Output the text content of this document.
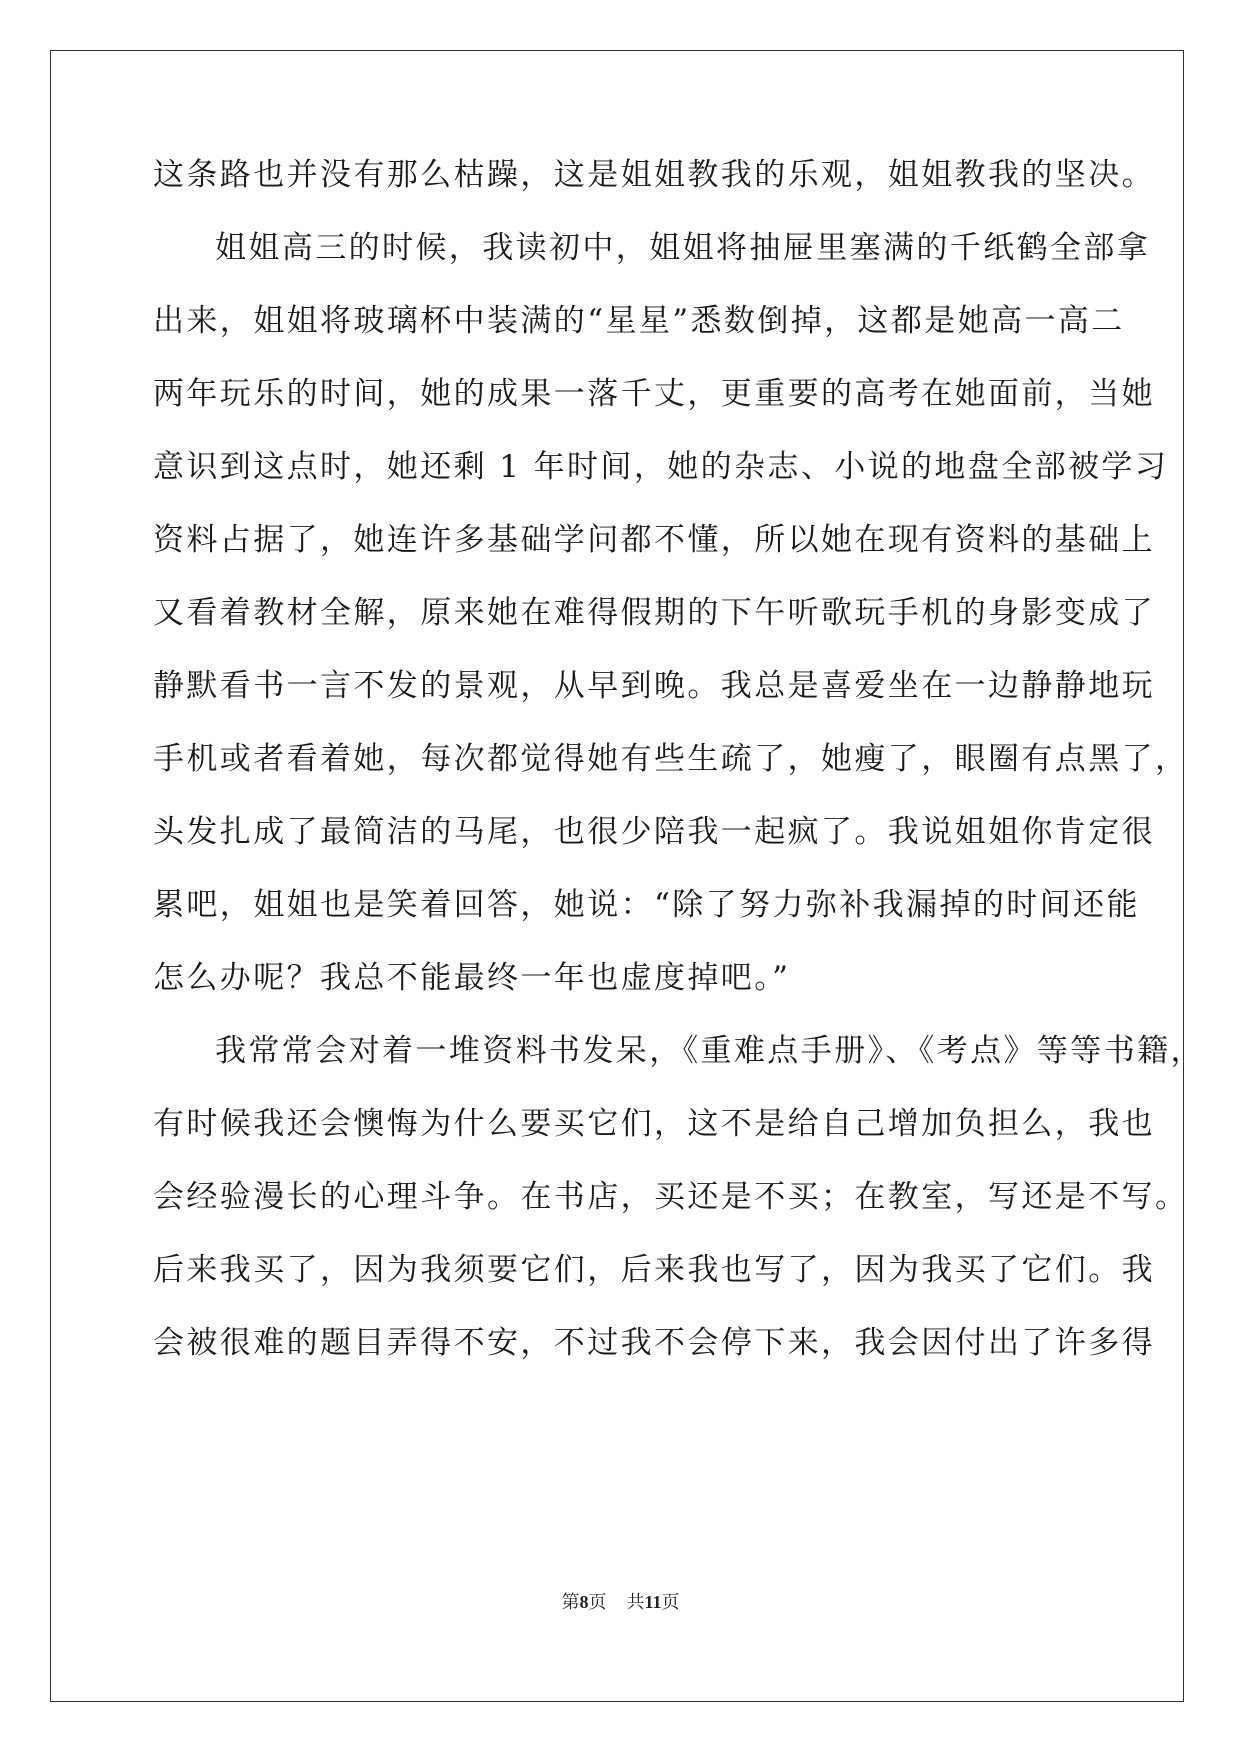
这条路也并没有那么枯躁，这是姐姐教我的乐观，姐姐教我的坚决。
姐姐高三的时候，我读初中，姐姐将抽屉里塞满的千纸鹤全部拿
出来，姐姐将玻璃杯中装满的“星星”悉数倒掉，这都是她高一高二
两年玩乐的时间，她的成果一落千丈，更重要的高考在她面前，当她
意识到这点时，她还剩 1 年时间，她的杂志、小说的地盘全部被学习
资料占据了，她连许多基础学问都不懂，所以她在现有资料的基础上
又看着教材全解，原来她在难得假期的下午听歌玩手机的身影变成了
静默看书一言不发的景观，从早到晚。我总是喜爱坐在一边静静地玩
手机或者看着她，每次都觉得她有些生疏了，她瘦了，眼圈有点黑了，
头发扎成了最简洁的马尾，也很少陪我一起疯了。我说姐姐你肯定很
累吧，姐姐也是笑着回答，她说：“除了努力弥补我漏掉的时间还能
怎么办呢？我总不能最终一年也虚度掉吧。”
我常常会对着一堆资料书发呆，《重难点手册》、《考点》等等书籍，
有时候我还会懊悔为什么要买它们，这不是给自己增加负担么，我也
会经验漫长的心理斗争。在书店，买还是不买；在教室，写还是不写。
后来我买了，因为我须要它们，后来我也写了，因为我买了它们。我
会被很难的题目弄得不安，不过我不会停下来，我会因付出了许多得
第8页 共11页
